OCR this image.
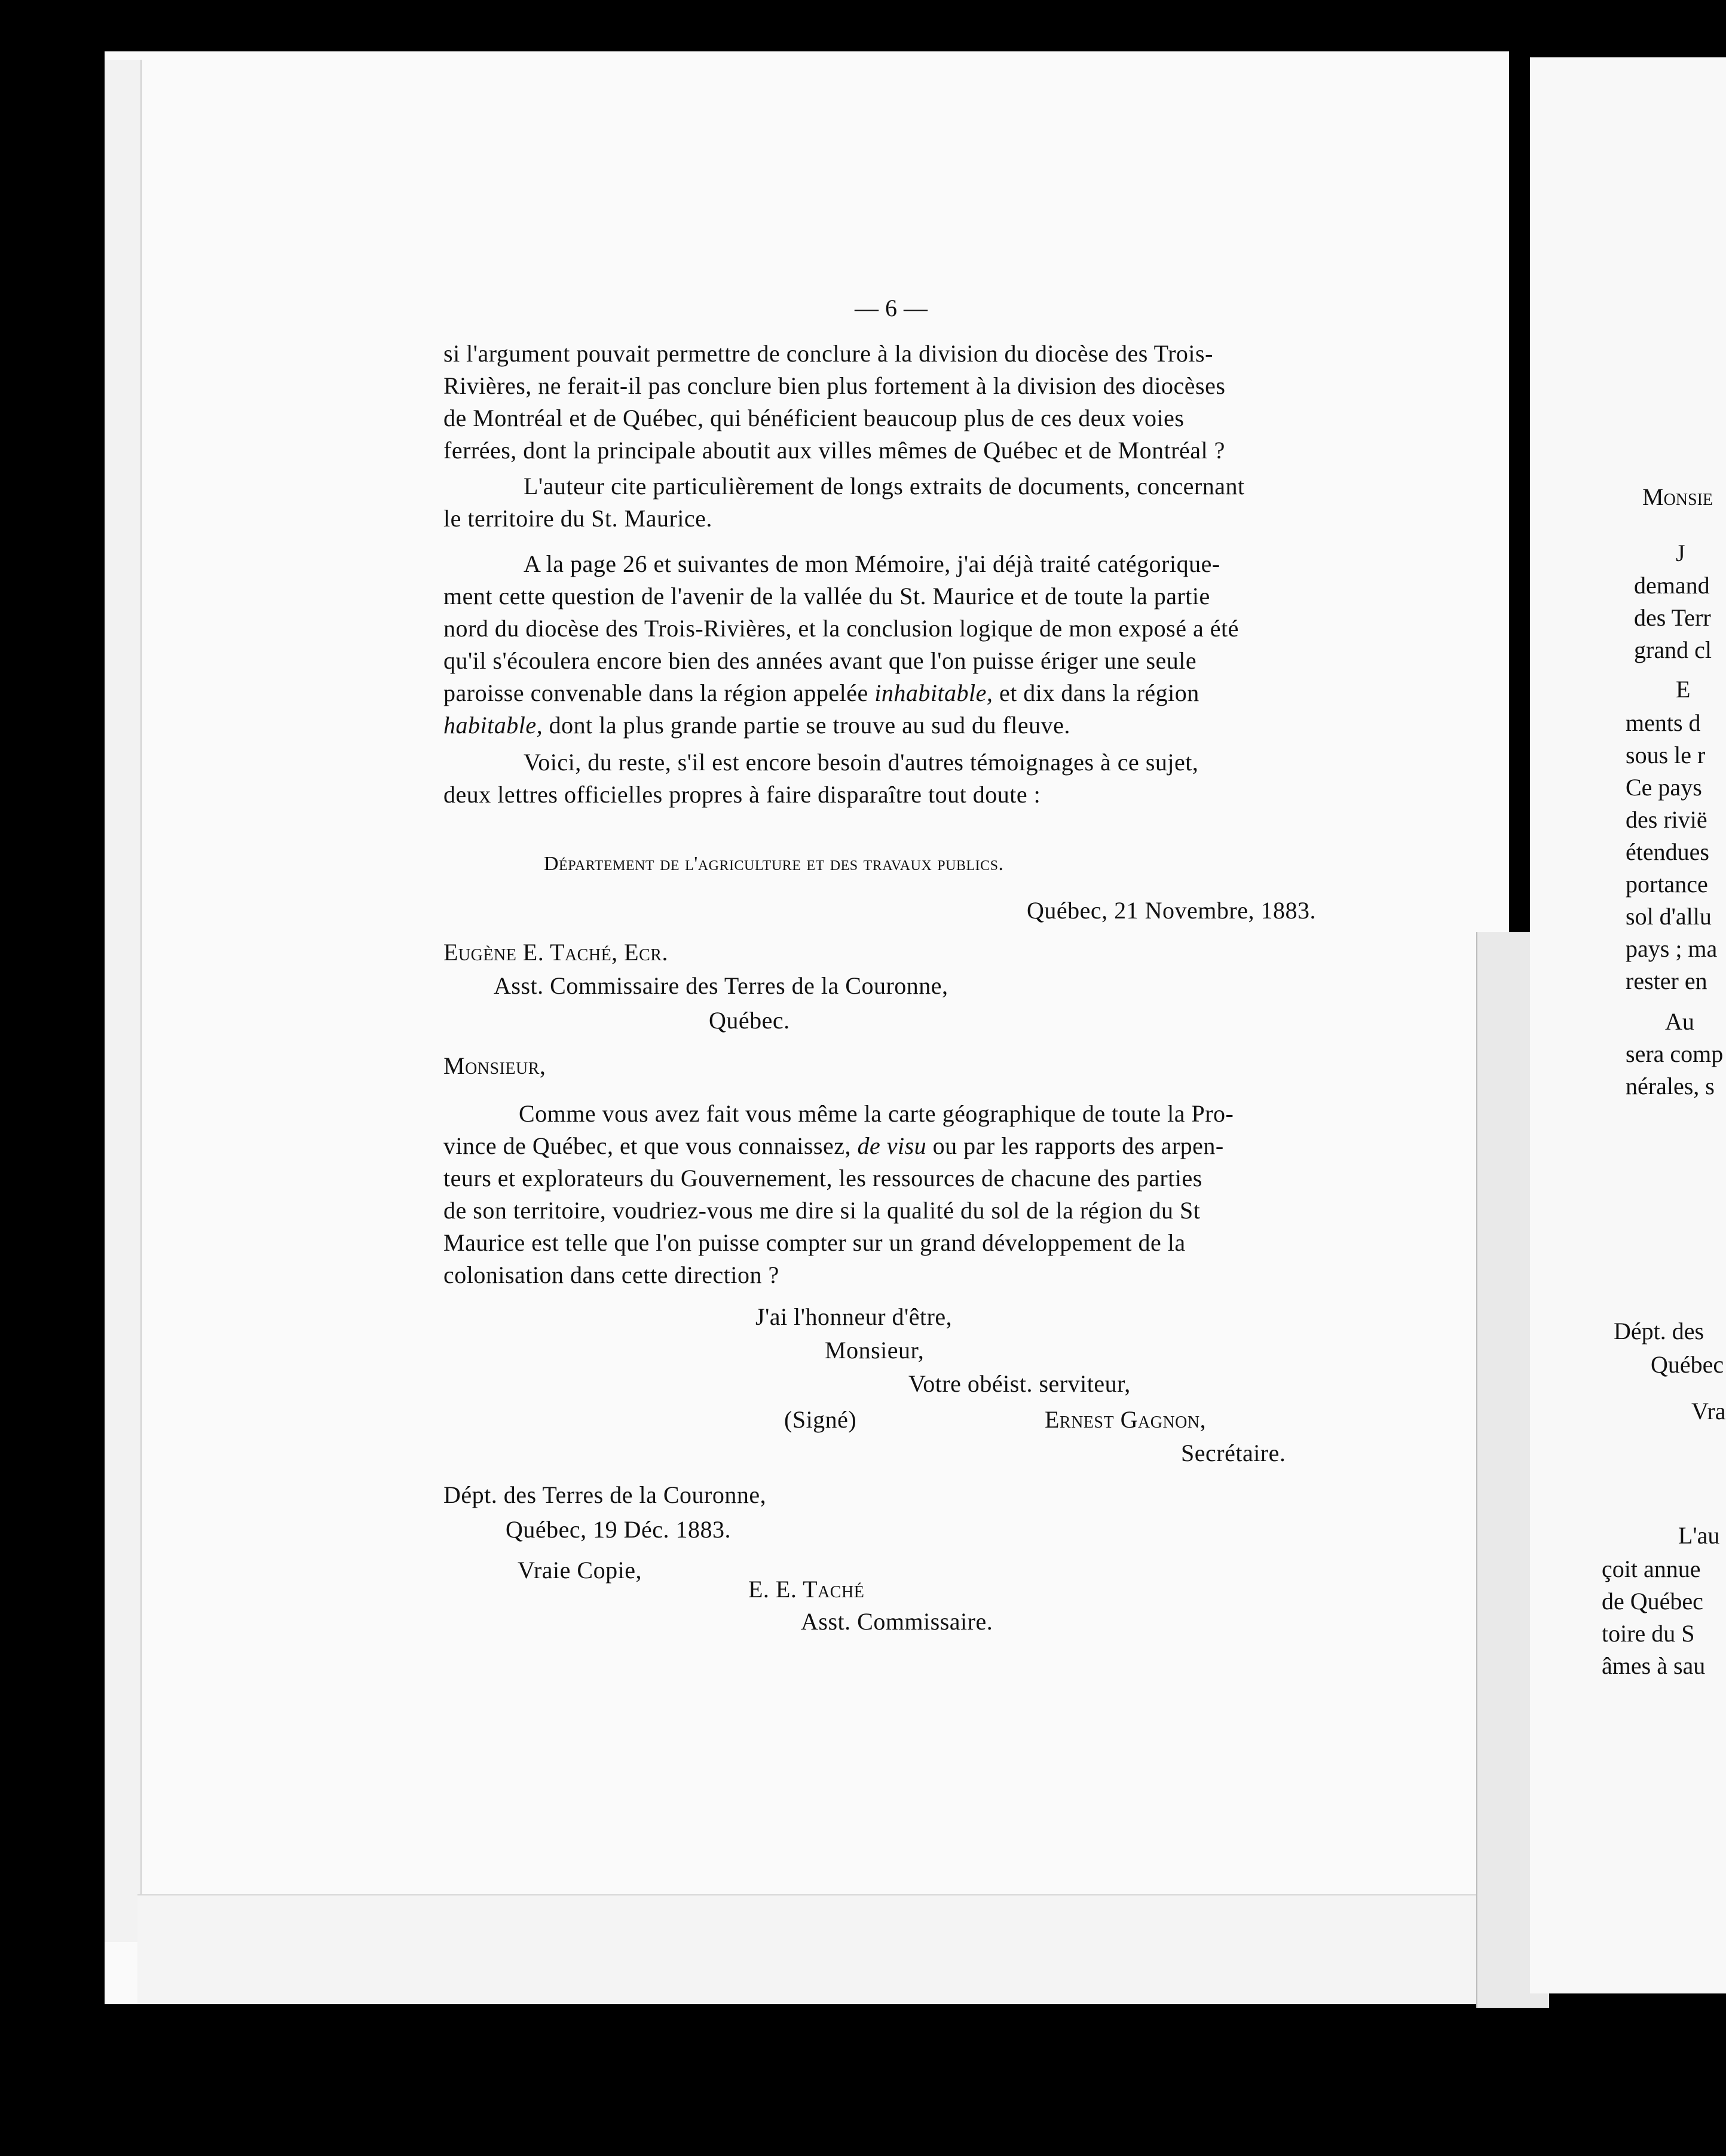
— 6 —
si l'argument pouvait permettre de conclure à la division du diocèse des Trois-
Rivières, ne ferait-il pas conclure bien plus fortement à la division des diocèses
de Montréal et de Québec, qui bénéficient beaucoup plus de ces deux voies
ferrées, dont la principale aboutit aux villes mêmes de Québec et de Montréal ?
L'auteur cite particulièrement de longs extraits de documents, concernant
le territoire du St. Maurice.
A la page 26 et suivantes de mon Mémoire, j'ai déjà traité catégorique-
ment cette question de l'avenir de la vallée du St. Maurice et de toute la partie
nord du diocèse des Trois-Rivières, et la conclusion logique de mon exposé a été
qu'il s'écoulera encore bien des années avant que l'on puisse ériger une seule
paroisse convenable dans la région appelée inhabitable, et dix dans la région
habitable, dont la plus grande partie se trouve au sud du fleuve.
Voici, du reste, s'il est encore besoin d'autres témoignages à ce sujet,
deux lettres officielles propres à faire disparaître tout doute :
Département de l'agriculture et des travaux publics.
Québec, 21 Novembre, 1883.
Eugène E. Taché, Ecr.
Asst. Commissaire des Terres de la Couronne,
Québec.
Monsieur,
Comme vous avez fait vous même la carte géographique de toute la Pro-
vince de Québec, et que vous connaissez, de visu ou par les rapports des arpen-
teurs et explorateurs du Gouvernement, les ressources de chacune des parties
de son territoire, voudriez-vous me dire si la qualité du sol de la région du St
Maurice est telle que l'on puisse compter sur un grand développement de la
colonisation dans cette direction ?
J'ai l'honneur d'être,
Monsieur,
Votre obéist. serviteur,
(Signé)	Ernest Gagnon,
Secrétaire.
Dépt. des Terres de la Couronne,
Québec, 19 Déc. 1883.
Vraie Copie,
E. E. Taché
Asst. Commissaire.
Monsie
J
demand
des Terr
grand cl
E
ments d
sous le r
Ce pays
des rivië
étendues
portance
sol d'allu
pays ; ma
rester en
Au
sera comp
nérales, s
Dépt. des
Québec
Vra
L'au
çoit annue
de Québec
toire du S
âmes à sau
